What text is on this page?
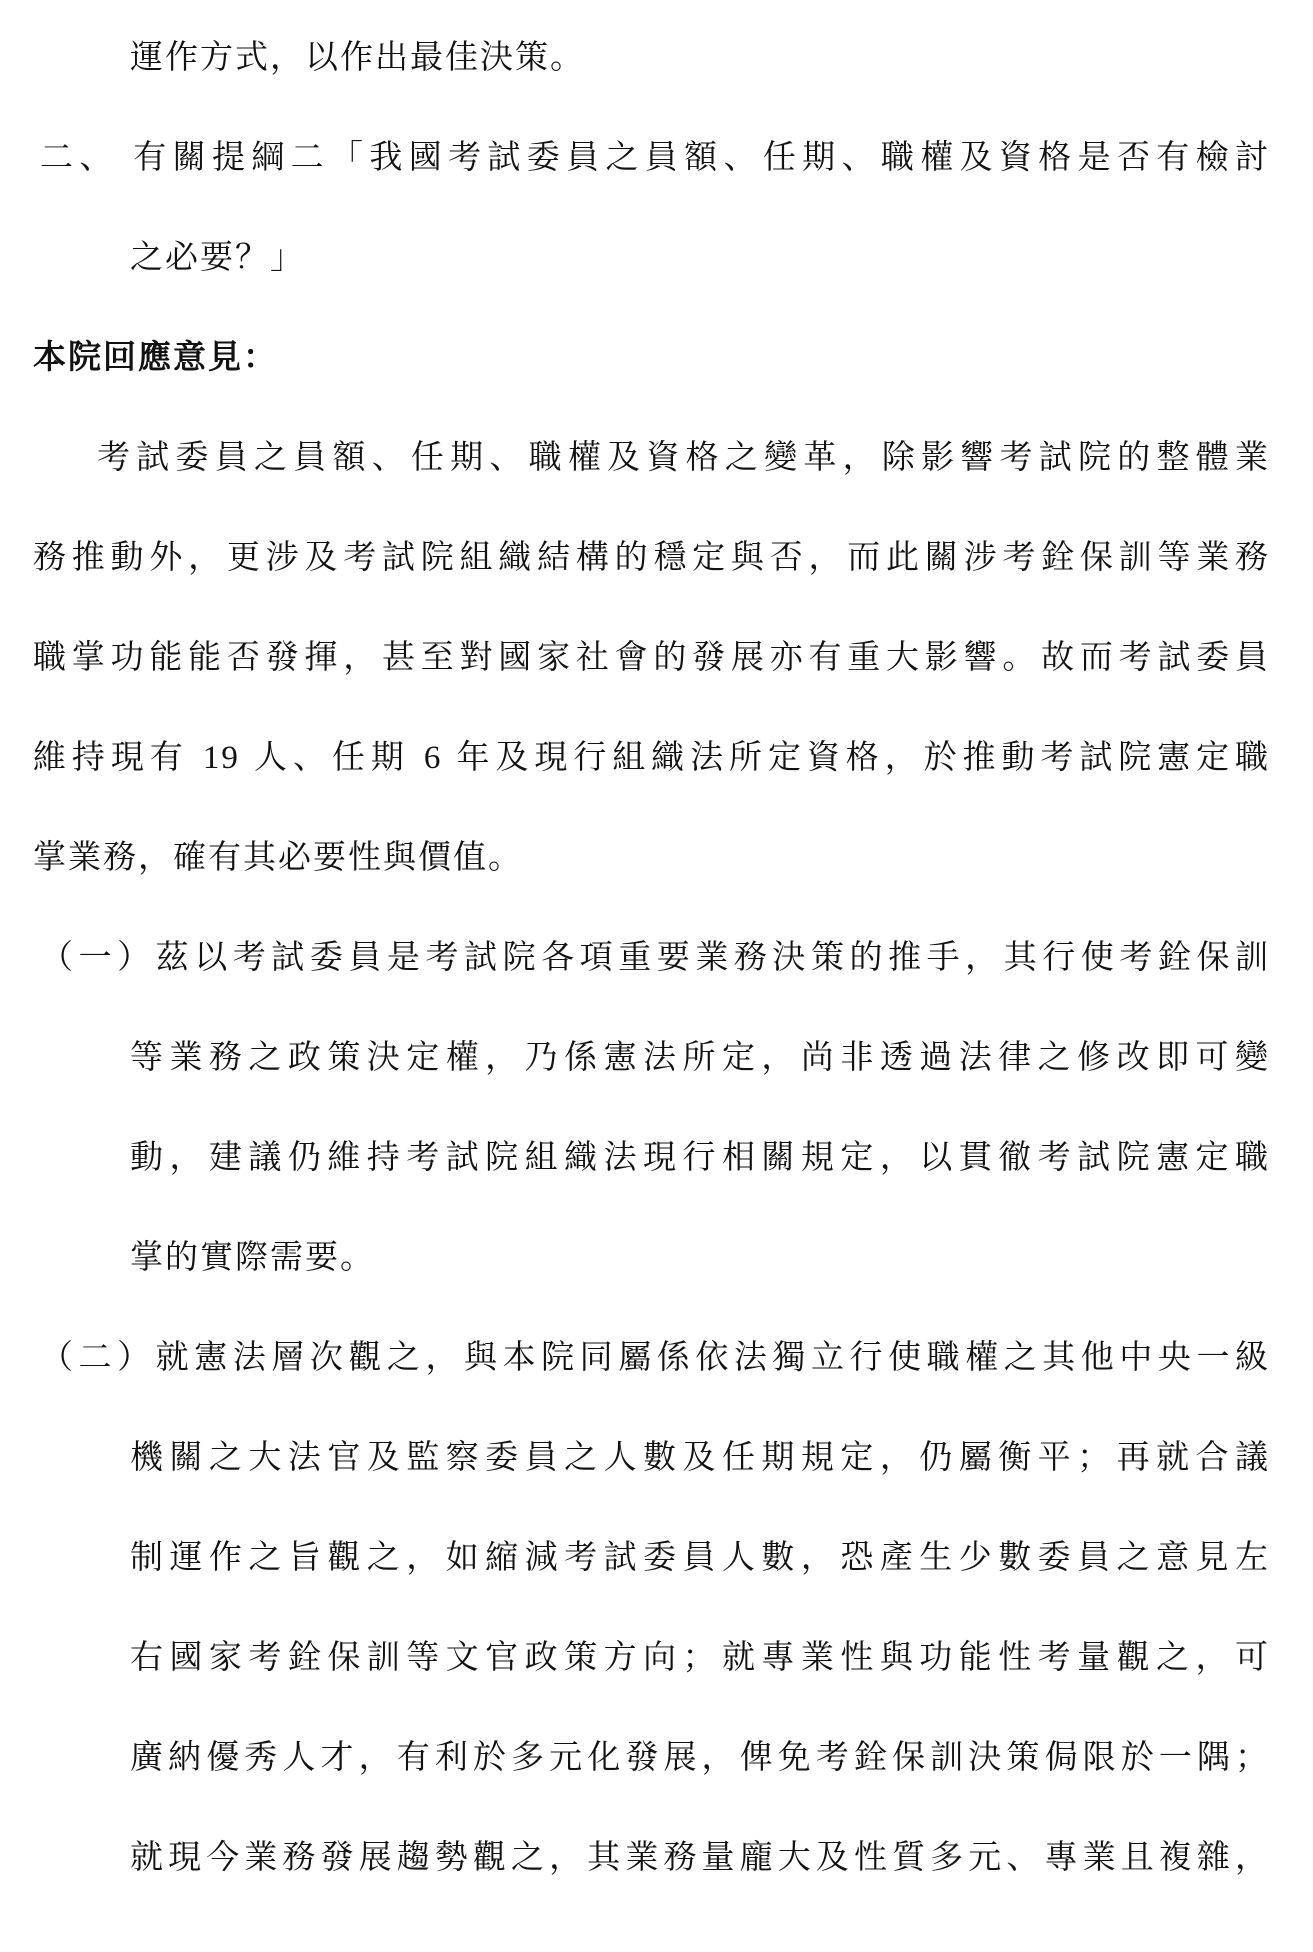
運作方式，以作出最佳決策。
二、 有關提綱二「我國考試委員之員額、任期、職權及資格是否有檢討
之必要？」
本院回應意見：
考試委員之員額、任期、職權及資格之變革，除影響考試院的整體業
務推動外，更涉及考試院組織結構的穩定與否，而此關涉考銓保訓等業務
職掌功能能否發揮，甚至對國家社會的發展亦有重大影響。故而考試委員
維持現有 19 人、任期 6 年及現行組織法所定資格，於推動考試院憲定職
掌業務，確有其必要性與價值。
（一）茲以考試委員是考試院各項重要業務決策的推手，其行使考銓保訓
等業務之政策決定權，乃係憲法所定，尚非透過法律之修改即可變
動，建議仍維持考試院組織法現行相關規定，以貫徹考試院憲定職
掌的實際需要。
（二）就憲法層次觀之，與本院同屬係依法獨立行使職權之其他中央一級
機關之大法官及監察委員之人數及任期規定，仍屬衡平；再就合議
制運作之旨觀之，如縮減考試委員人數，恐產生少數委員之意見左
右國家考銓保訓等文官政策方向；就專業性與功能性考量觀之，可
廣納優秀人才，有利於多元化發展，俾免考銓保訓決策侷限於一隅；
就現今業務發展趨勢觀之，其業務量龐大及性質多元、專業且複雜，
